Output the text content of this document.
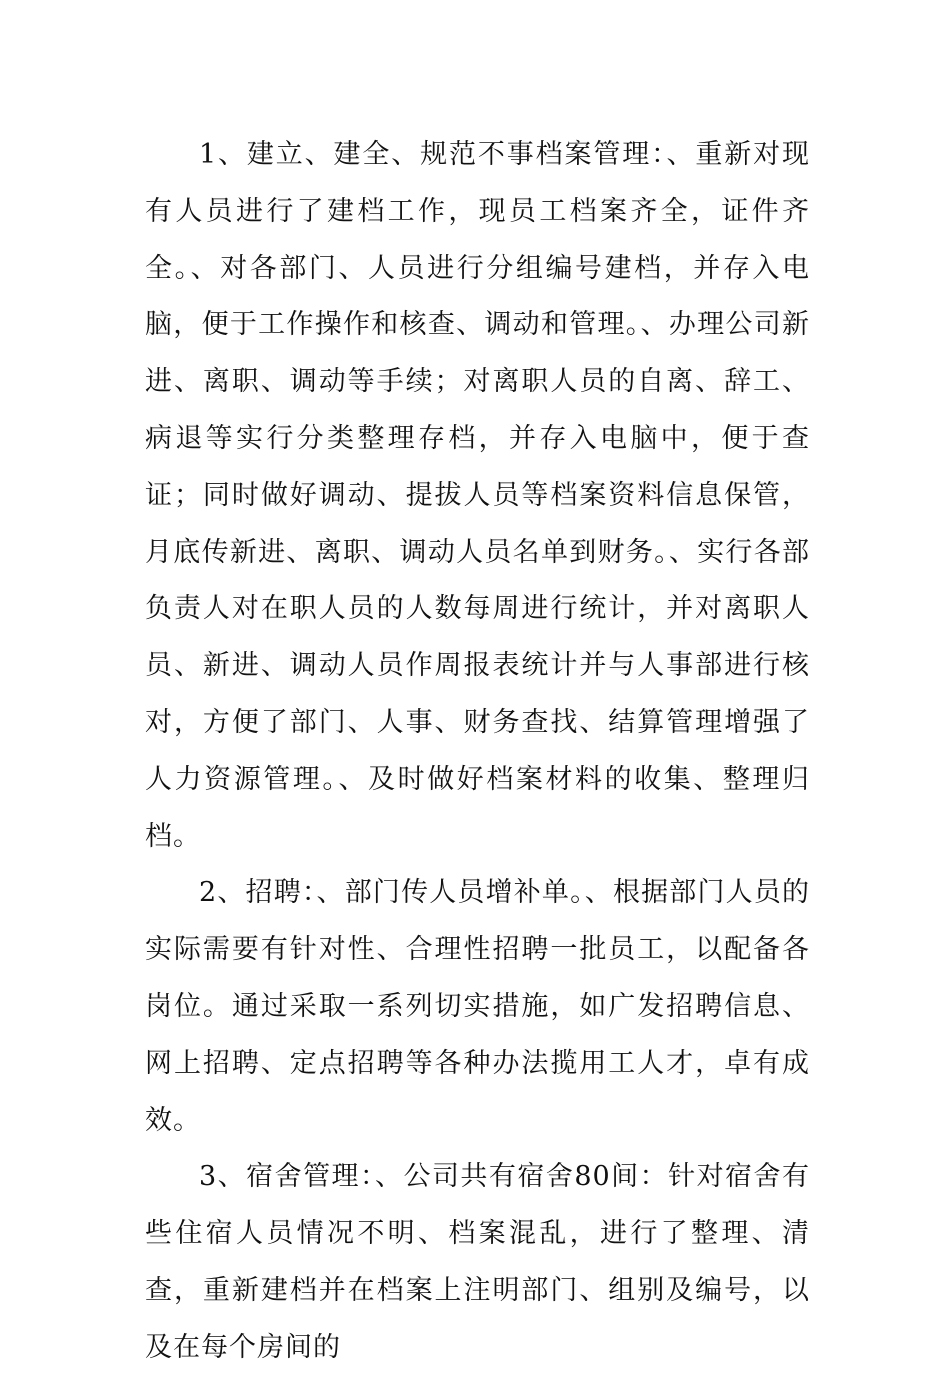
1、建立、建全、规范不事档案管理：、重新对现有人员进行了建档工作，现员工档案齐全，证件齐全。、对各部门、人员进行分组编号建档，并存入电脑，便于工作操作和核查、调动和管理。、办理公司新进、离职、调动等手续；对离职人员的自离、辞工、病退等实行分类整理存档，并存入电脑中，便于查证；同时做好调动、提拔人员等档案资料信息保管，月底传新进、离职、调动人员名单到财务。、实行各部负责人对在职人员的人数每周进行统计，并对离职人员、新进、调动人员作周报表统计并与人事部进行核对，方便了部门、人事、财务查找、结算管理增强了人力资源管理。、及时做好档案材料的收集、整理归档。

2、招聘：、部门传人员增补单。、根据部门人员的实际需要有针对性、合理性招聘一批员工，以配备各岗位。通过采取一系列切实措施，如广发招聘信息、网上招聘、定点招聘等各种办法揽用工人才，卓有成效。

3、宿舍管理：、公司共有宿舍80间：针对宿舍有些住宿人员情况不明、档案混乱，进行了整理、清查，重新建档并在档案上注明部门、组别及编号，以及在每个房间的
